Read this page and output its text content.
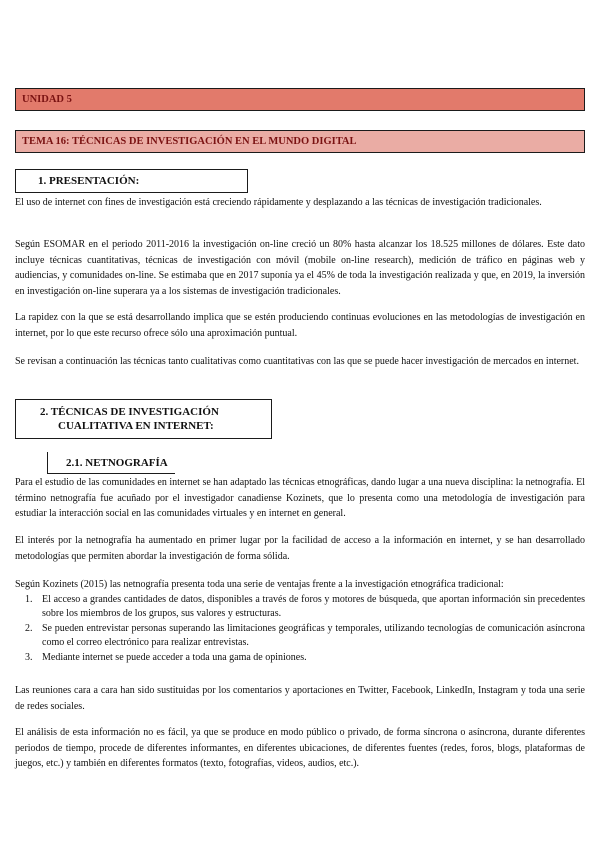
UNIDAD 5
TEMA 16: TÉCNICAS DE INVESTIGACIÓN EN EL MUNDO DIGITAL
1. PRESENTACIÓN:

El uso de internet con fines de investigación está creciendo rápidamente y desplazando a las técnicas de investigación tradicionales.

Según ESOMAR en el periodo 2011-2016 la investigación on-line creció un 80% hasta alcanzar los 18.525 millones de dólares. Este dato incluye técnicas cuantitativas, técnicas de investigación con móvil (mobile on-line research), medición de tráfico en páginas web y audiencias, y comunidades on-line. Se estimaba que en 2017 suponía ya el 45% de toda la investigación realizada y que, en 2019, la inversión en investigación on-line superara ya a los sistemas de investigación tradicionales.

La rapidez con la que se está desarrollando implica que se estén produciendo continuas evoluciones en las metodologías de investigación en internet, por lo que este recurso ofrece sólo una aproximación puntual.

Se revisan a continuación las técnicas tanto cualitativas como cuantitativas con las que se puede hacer investigación de mercados en internet.

2. TÉCNICAS DE INVESTIGACIÓN
CUALITATIVA EN INTERNET:
2.1. NETNOGRAFÍA

Para el estudio de las comunidades en internet se han adaptado las técnicas etnográficas, dando lugar a una nueva disciplina: la netnografía. El término netnografía fue acuñado por el investigador canadiense Kozinets, que lo presenta como una metodología de investigación para estudiar la interacción social en las comunidades virtuales y en internet en general.

El interés por la netnografía ha aumentado en primer lugar por la facilidad de acceso a la información en internet, y se han desarrollado metodologías que permiten abordar la investigación de forma sólida.

Según Kozinets (2015) las netnografía presenta toda una serie de ventajas frente a la investigación etnográfica tradicional:

1. El acceso a grandes cantidades de datos, disponibles a través de foros y motores de búsqueda, que aportan información sin precedentes sobre los miembros de los grupos, sus valores y estructuras.
2. Se pueden entrevistar personas superando las limitaciones geográficas y temporales, utilizando tecnologías de comunicación asíncrona como el correo electrónico para realizar entrevistas.
3. Mediante internet se puede acceder a toda una gama de opiniones.

Las reuniones cara a cara han sido sustituidas por los comentarios y aportaciones en Twitter, Facebook, LinkedIn, Instagram y toda una serie de redes sociales.

El análisis de esta información no es fácil, ya que se produce en modo público o privado, de forma síncrona o asíncrona, durante diferentes periodos de tiempo, procede de diferentes informantes, en diferentes ubicaciones, de diferentes fuentes (redes, foros, blogs, plataformas de juegos, etc.) y también en diferentes formatos (texto, fotografías, videos, audios, etc.).
